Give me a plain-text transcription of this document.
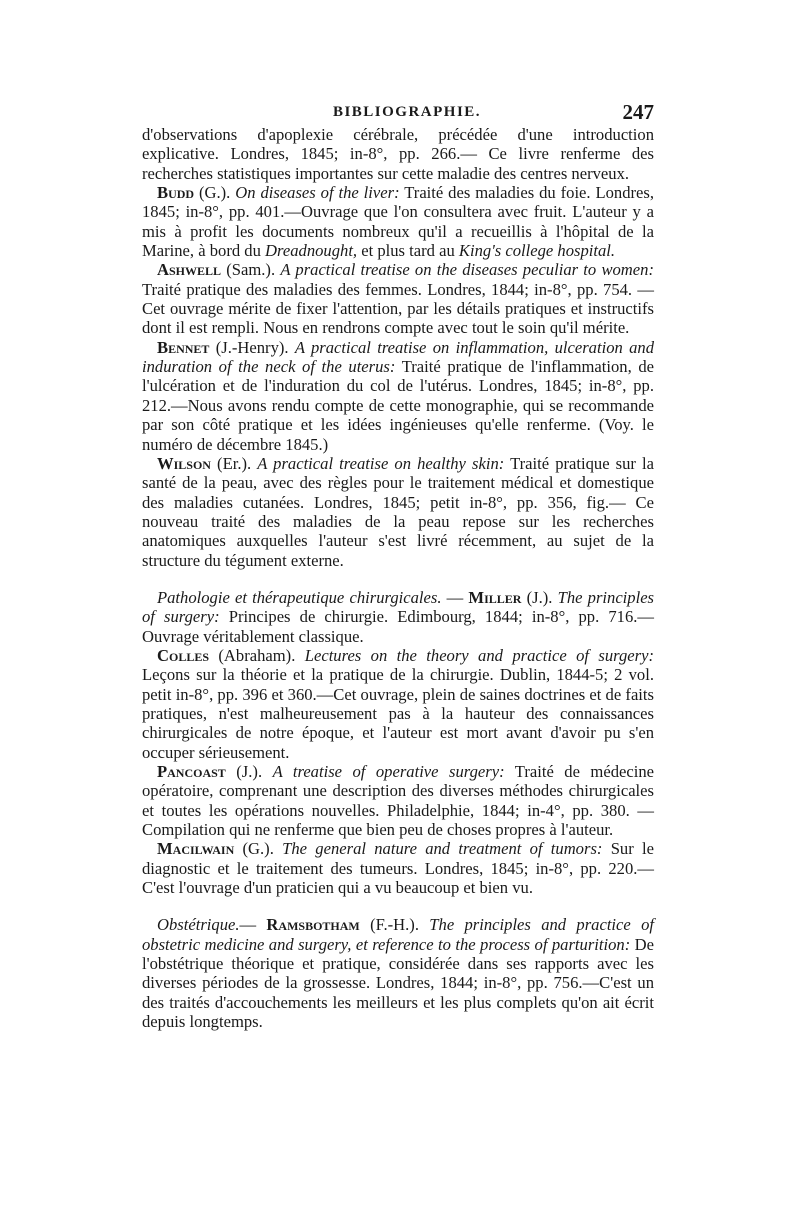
BIBLIOGRAPHIE.	247

d'observations d'apoplexie cérébrale, précédée d'une introduction explicative. Londres, 1845; in-8°, pp. 266.— Ce livre renferme des recherches statistiques importantes sur cette maladie des centres nerveux.

Budd (G.). On diseases of the liver: Traité des maladies du foie. Londres, 1845; in-8°, pp. 401.—Ouvrage que l'on consultera avec fruit. L'auteur y a mis à profit les documents nombreux qu'il a recueillis à l'hôpital de la Marine, à bord du Dreadnought, et plus tard au King's college hospital.

Ashwell (Sam.). A practical treatise on the diseases peculiar to women: Traité pratique des maladies des femmes. Londres, 1844; in-8°, pp. 754. —Cet ouvrage mérite de fixer l'attention, par les détails pratiques et instructifs dont il est rempli. Nous en rendrons compte avec tout le soin qu'il mérite.

Bennet (J.-Henry). A practical treatise on inflammation, ulceration and induration of the neck of the uterus: Traité pratique de l'inflammation, de l'ulcération et de l'induration du col de l'utérus. Londres, 1845; in-8°, pp. 212.—Nous avons rendu compte de cette monographie, qui se recommande par son côté pratique et les idées ingénieuses qu'elle renferme. (Voy. le numéro de décembre 1845.)

Wilson (Er.). A practical treatise on healthy skin: Traité pratique sur la santé de la peau, avec des règles pour le traitement médical et domestique des maladies cutanées. Londres, 1845; petit in-8°, pp. 356, fig.— Ce nouveau traité des maladies de la peau repose sur les recherches anatomiques auxquelles l'auteur s'est livré récemment, au sujet de la structure du tégument externe.

Pathologie et thérapeutique chirurgicales. — Miller (J.). The principles of surgery: Principes de chirurgie. Edimbourg, 1844; in-8°, pp. 716.— Ouvrage véritablement classique.

Colles (Abraham). Lectures on the theory and practice of surgery: Leçons sur la théorie et la pratique de la chirurgie. Dublin, 1844-5; 2 vol. petit in-8°, pp. 396 et 360.—Cet ouvrage, plein de saines doctrines et de faits pratiques, n'est malheureusement pas à la hauteur des connaissances chirurgicales de notre époque, et l'auteur est mort avant d'avoir pu s'en occuper sérieusement.

Pancoast (J.). A treatise of operative surgery: Traité de médecine opératoire, comprenant une description des diverses méthodes chirurgicales et toutes les opérations nouvelles. Philadelphie, 1844; in-4°, pp. 380. —Compilation qui ne renferme que bien peu de choses propres à l'auteur.

Macilwain (G.). The general nature and treatment of tumors: Sur le diagnostic et le traitement des tumeurs. Londres, 1845; in-8°, pp. 220.—C'est l'ouvrage d'un praticien qui a vu beaucoup et bien vu.

Obstétrique.— Ramsbotham (F.-H.). The principles and practice of obstetric medicine and surgery, et reference to the process of parturition: De l'obstétrique théorique et pratique, considérée dans ses rapports avec les diverses périodes de la grossesse. Londres, 1844; in-8°, pp. 756.—C'est un des traités d'accouchements les meilleurs et les plus complets qu'on ait écrit depuis longtemps.
